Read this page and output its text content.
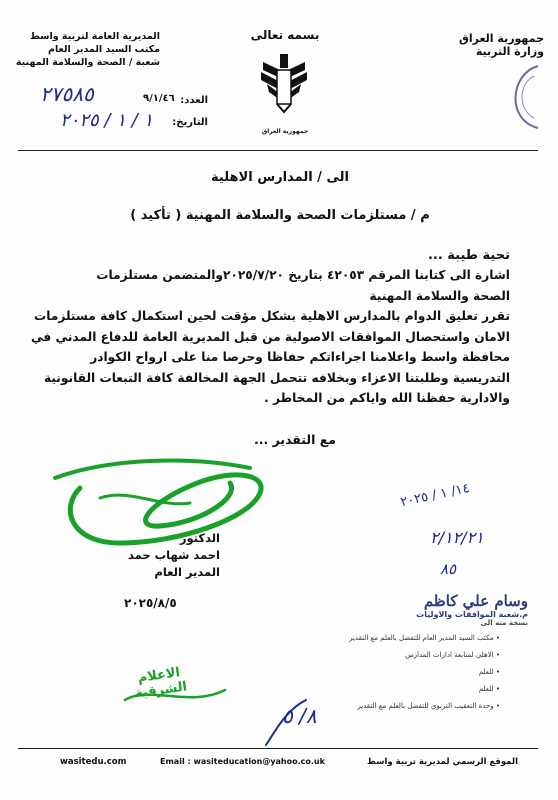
جمهورية العراق
وزارة التربية
بسمه تعالى
جمهورية العراق
المديرية العامة لتربية واسط
مكتب السيد المدير العام
شعبة / الصحة والسلامة المهنية
العدد:
٩/١/٤٦
٢٧٥٨٥
التاريخ:
١ / ١ / ٢٠٢٥
الى / المدارس الاهلية
م / مستلزمات الصحة والسلامة المهنية ( تأكيد )
تحية طيبة ...
اشارة الى كتابنا المرقم ٤٢٠٥٣ بتاريخ ٢٠٢٥/٧/٢٠والمتضمن مستلزمات
الصحة والسلامة المهنية
تقرر تعليق الدوام بالمدارس الاهلية بشكل مؤقت لحين استكمال كافة مستلزمات
الامان واستحصال الموافقات الاصولية من قبل المديرية العامة للدفاع المدني في
محافظة واسط واعلامنا اجراءاتكم حفاظا وحرصا منا على ارواح الكوادر
التدريسية وطلبتنا الاعزاء وبخلافه تتحمل الجهة المخالفة كافة التبعات القانونية
والادارية حفظنا الله واياكم من المخاطر .
مع التقدير ...
الدكتور
احمد شهاب حمد
المدير العام
٢٠٢٥/٨/٥
١٤/ ١ / ٢٠٢٥
٢/١٢/٢١
٨٥
وسام علي كاظم
م.شعبة الموافقات والاوليات
نسخة منه الى
• مكتب السيد المدير العام للتفضل بالعلم مع التقدير
• الاهلي لمتابعة ادارات المدارس
• للعلم
• للعلم
• وحدة التعقيب التربوي للتفضل بالعلم مع التقدير
الاعلام الشرقية
٨/ ٥
wasitedu.com	Email : wasiteducation@yahoo.co.uk	الموقع الرسمي لمديرية تربية واسط
